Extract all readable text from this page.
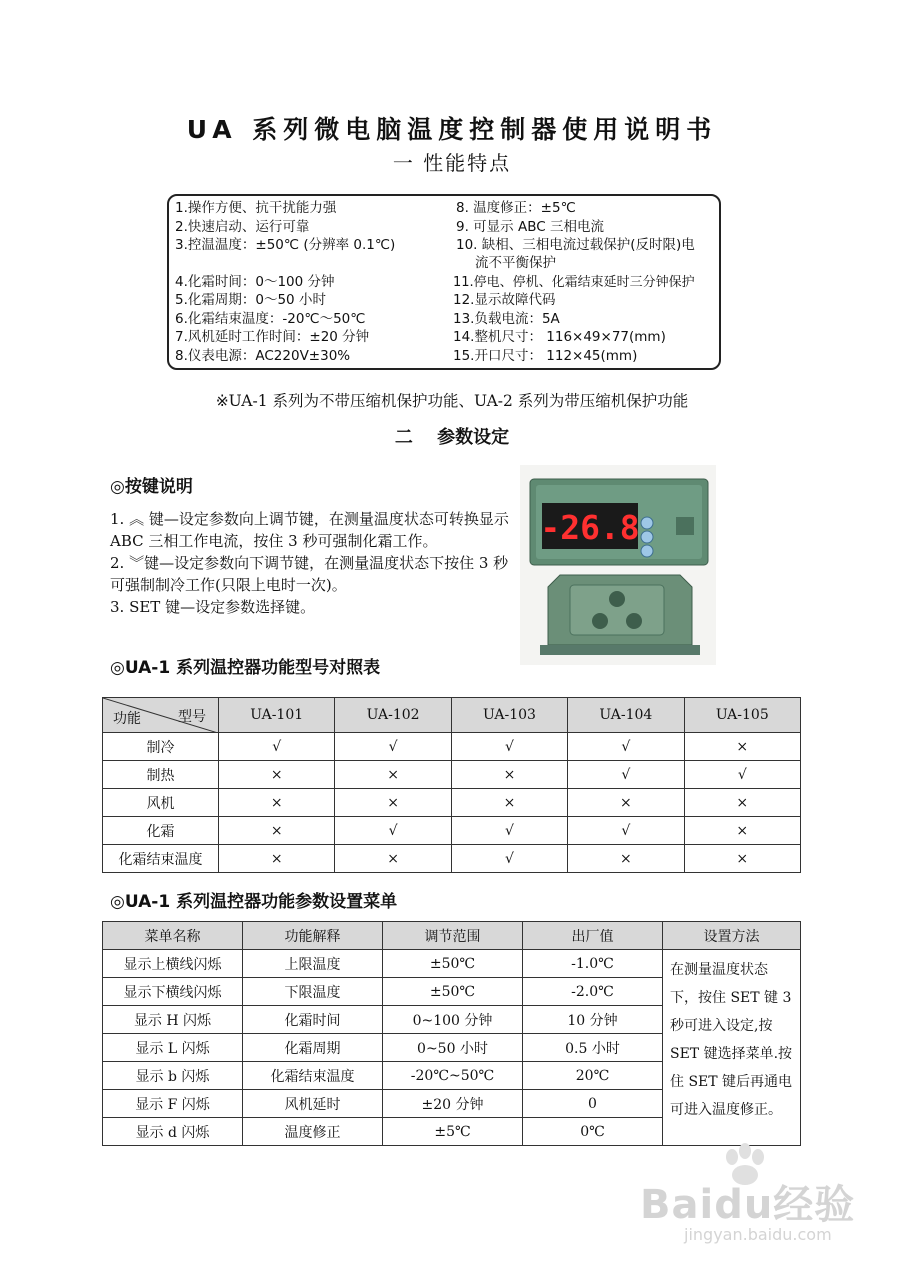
UA 系列微电脑温度控制器使用说明书
一 性能特点
1.操作方便、抗干扰能力强
2.快速启动、运行可靠
3.控温温度：±50℃ (分辨率 0.1℃)
4.化霜时间：0～100 分钟
5.化霜周期：0～50 小时
6.化霜结束温度：-20℃～50℃
7.风机延时工作时间：±20 分钟
8.仪表电源：AC220V±30%
8. 温度修正：±5℃
9. 可显示 ABC 三相电流
10. 缺相、三相电流过载保护(反时限)电
流不平衡保护
11.停电、停机、化霜结束延时三分钟保护
12.显示故障代码
13.负载电流：5A
14.整机尺寸： 116×49×77(mm)
15.开口尺寸： 112×45(mm)
※UA-1 系列为不带压缩机保护功能、UA-2 系列为带压缩机保护功能
二 参数设定
◎按键说明

1. ︽ 键—设定参数向上调节键，在测量温度状态可转换显示 ABC 三相工作电流，按住 3 秒可强制化霜工作。

2. ︾键—设定参数向下调节键，在测量温度状态下按住 3 秒可强制制冷工作(只限上电时一次)。

3. SET 键—设定参数选择键。

-26.8
◎UA-1 系列温控器功能型号对照表
功能 型号	UA-101	UA-102	UA-103	UA-104	UA-105
制冷	√	√	√	√	×
制热	×	×	×	√	√
风机	×	×	×	×	×
化霜	×	√	√	√	×
化霜结束温度	×	×	√	×	×
◎UA-1 系列温控器功能参数设置菜单
菜单名称	功能解释	调节范围	出厂值	设置方法
显示上横线闪烁	上限温度	±50℃	-1.0℃	在测量温度状态下，按住 SET 键 3 秒可进入设定,按 SET 键选择菜单.按住 SET 键后再通电可进入温度修正。
显示下横线闪烁	下限温度	±50℃	-2.0℃	
显示 H 闪烁	化霜时间	0~100 分钟	10 分钟	
显示 L 闪烁	化霜周期	0~50 小时	0.5 小时	
显示 b 闪烁	化霜结束温度	-20℃~50℃	20℃	
显示 F 闪烁	风机延时	±20 分钟	0	
显示 d 闪烁	温度修正	±5℃	0℃	
Baidu经验
jingyan.baidu.com
